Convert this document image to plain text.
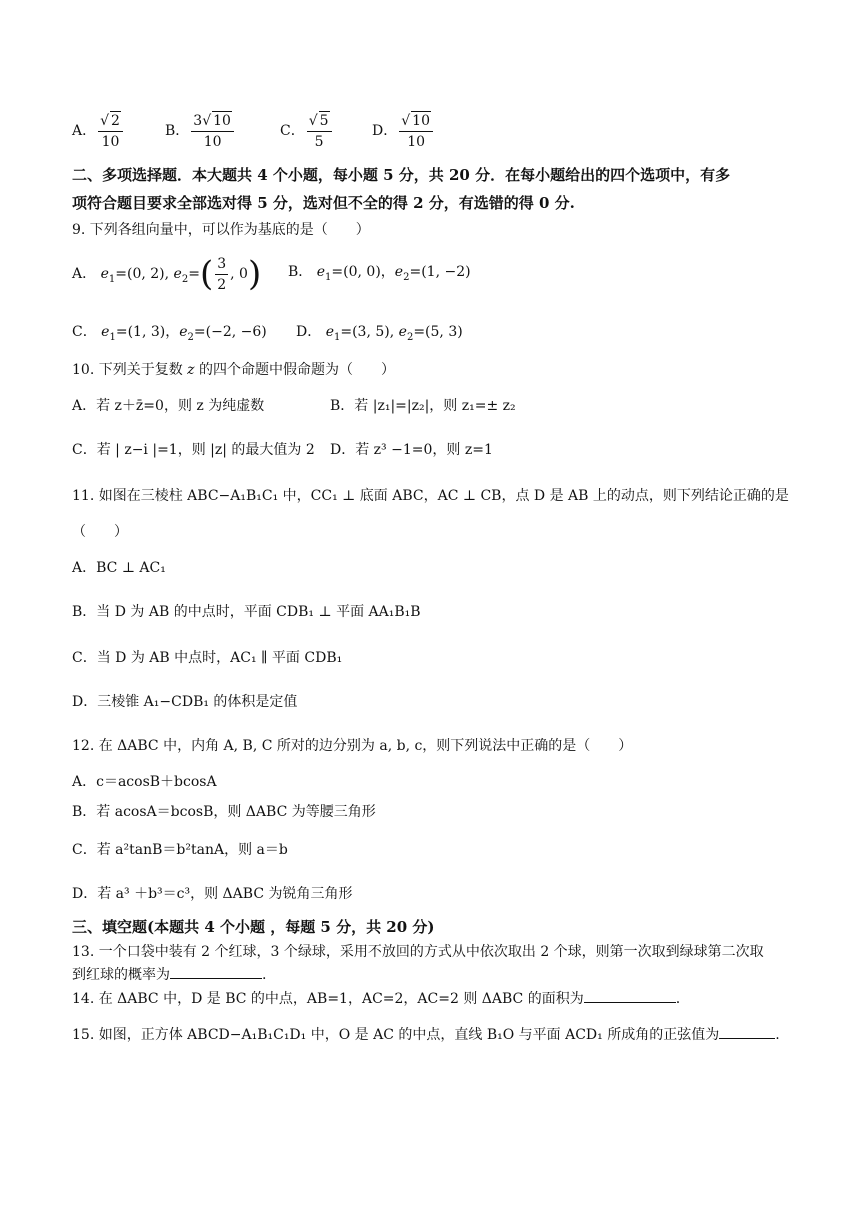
A． $\frac{√ 2}{10}$	B． $\frac{3√ 10}{10}$	C． $\frac{√ 5}{5}$	D． $\frac{√ 10}{10}$
二、多项选择题．本大题共 4 个小题，每小题 5 分，共 20 分．在每小题给出的四个选项中，有多
项符合题目要求全部选对得 5 分，选对但不全的得 2 分，有选错的得 0 分.
9. 下列各组向量中，可以作为基底的是（　　）
A． $e_1=(0$, 2), $e_2=( \frac{3}{2}$ , 0) B． $e_1=(0$, 0)，$e_2=(1$, −2)
C． $e_1=(1$, 3)，$e_2=(-2$, −6) D． $e_1=(3$, 5), $e_2=(5$, 3)
10. 下列关于复数 z 的四个命题中假命题为（　　）
A．若 z＋z̄=0，则 z 为纯虚数	B．若 |z₁|=|z₂|，则 z₁=± z₂
C．若 | z−i |=1，则 |z| 的最大值为 2 D．若 z³ −1=0，则 z=1
11. 如图在三棱柱 ABC−A₁B₁C₁ 中，CC₁ ⊥ 底面 ABC，AC ⊥ CB，点 D 是 AB 上的动点，则下列结论正确的是
（　　）
A．BC ⊥ AC₁
B．当 D 为 AB 的中点时，平面 CDB₁ ⊥ 平面 AA₁B₁B
C．当 D 为 AB 中点时，AC₁ ∥ 平面 CDB₁
D．三棱锥 A₁−CDB₁ 的体积是定值
12. 在 ΔABC 中，内角 A, B, C 所对的边分别为 a, b, c，则下列说法中正确的是（　　）
A．c＝acosB＋bcosA
B．若 acosA＝bcosB，则 ΔABC 为等腰三角形
C．若 a²tanB＝b²tanA，则 a＝b
D．若 a³ ＋b³＝c³，则 ΔABC 为锐角三角形
三、填空题(本题共 4 个小题 ，每题 5 分，共 20 分)
13. 一个口袋中装有 2 个红球，3 个绿球，采用不放回的方式从中依次取出 2 个球，则第一次取到绿球第二次取
到红球的概率为	.
14. 在 ΔABC 中，D 是 BC 的中点，AB=1，AC=2，AC=2 则 ΔABC 的面积为	.
15. 如图，正方体 ABCD−A₁B₁C₁D₁ 中，O 是 AC 的中点，直线 B₁O 与平面 ACD₁ 所成角的正弦值为	.
